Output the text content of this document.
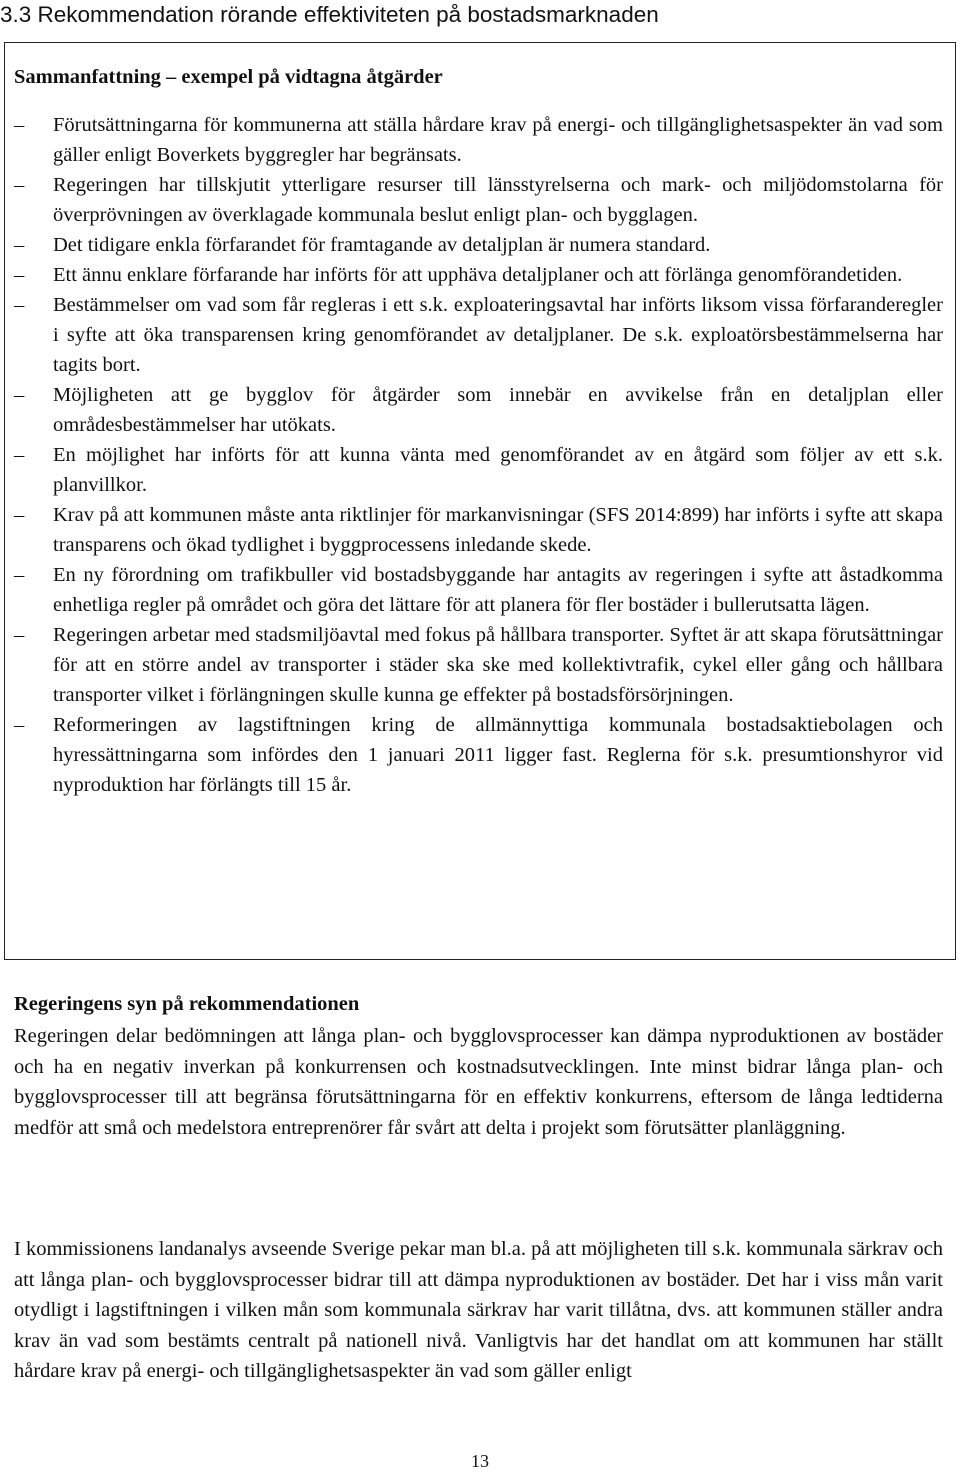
3.3 Rekommendation rörande effektiviteten på bostadsmarknaden
Sammanfattning – exempel på vidtagna åtgärder
–	Förutsättningarna för kommunerna att ställa hårdare krav på energi- och tillgänglighetsaspekter än vad som gäller enligt Boverkets byggregler har begränsats.
–	Regeringen har tillskjutit ytterligare resurser till länsstyrelserna och mark- och miljödomstolarna för överprövningen av överklagade kommunala beslut enligt plan- och bygglagen.
–	Det tidigare enkla förfarandet för framtagande av detaljplan är numera standard.
–	Ett ännu enklare förfarande har införts för att upphäva detaljplaner och att förlänga genomförandetiden.
–	Bestämmelser om vad som får regleras i ett s.k. exploateringsavtal har införts liksom vissa förfaranderegler i syfte att öka transparensen kring genomförandet av detaljplaner. De s.k. exploatörsbestämmelserna har tagits bort.
–	Möjligheten att ge bygglov för åtgärder som innebär en avvikelse från en detaljplan eller områdesbestämmelser har utökats.
–	En möjlighet har införts för att kunna vänta med genomförandet av en åtgärd som följer av ett s.k. planvillkor.
–	Krav på att kommunen måste anta riktlinjer för markanvisningar (SFS 2014:899) har införts i syfte att skapa transparens och ökad tydlighet i byggprocessens inledande skede.
–	En ny förordning om trafikbuller vid bostadsbyggande har antagits av regeringen i syfte att åstadkomma enhetliga regler på området och göra det lättare för att planera för fler bostäder i bullerutsatta lägen.
–	Regeringen arbetar med stadsmiljöavtal med fokus på hållbara transporter. Syftet är att skapa förutsättningar för att en större andel av transporter i städer ska ske med kollektivtrafik, cykel eller gång och hållbara transporter vilket i förlängningen skulle kunna ge effekter på bostadsförsörjningen.
–	Reformeringen av lagstiftningen kring de allmännyttiga kommunala bostadsaktiebolagen och hyressättningarna som infördes den 1 januari 2011 ligger fast. Reglerna för s.k. presumtionshyror vid nyproduktion har förlängts till 15 år.
Regeringens syn på rekommendationen

Regeringen delar bedömningen att långa plan- och bygglovsprocesser kan dämpa nyproduktionen av bostäder och ha en negativ inverkan på konkurrensen och kostnadsutvecklingen. Inte minst bidrar långa plan- och bygglovsprocesser till att begränsa förutsättningarna för en effektiv konkurrens, eftersom de långa ledtiderna medför att små och medelstora entreprenörer får svårt att delta i projekt som förutsätter planläggning.

I kommissionens landanalys avseende Sverige pekar man bl.a. på att möjligheten till s.k. kommunala särkrav och att långa plan- och bygglovsprocesser bidrar till att dämpa nyproduktionen av bostäder. Det har i viss mån varit otydligt i lagstiftningen i vilken mån som kommunala särkrav har varit tillåtna, dvs. att kommunen ställer andra krav än vad som bestämts centralt på nationell nivå. Vanligtvis har det handlat om att kommunen har ställt hårdare krav på energi- och tillgänglighetsaspekter än vad som gäller enligt

13
